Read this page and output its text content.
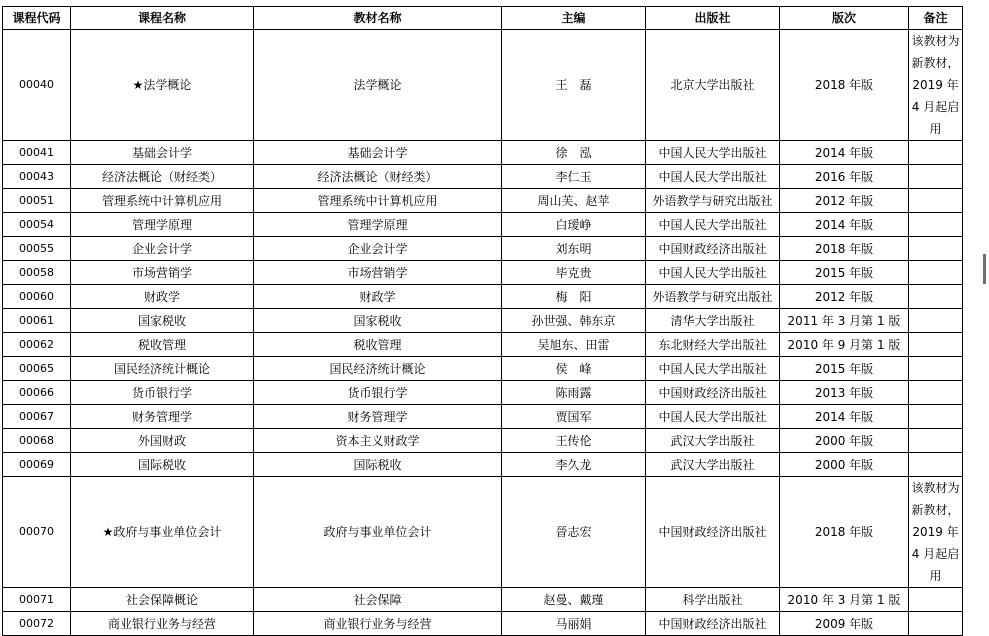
课程代码	课程名称	教材名称	主编	出版社	版次	备注
00040	★法学概论	法学概论	王　磊	北京大学出版社	2018 年版	该教材为新教材，2019 年 4 月起启用
00041	基础会计学	基础会计学	徐　泓	中国人民大学出版社	2014 年版	
00043	经济法概论（财经类）	经济法概论（财经类）	李仁玉	中国人民大学出版社	2016 年版	
00051	管理系统中计算机应用	管理系统中计算机应用	周山芙、赵苹	外语教学与研究出版社	2012 年版	
00054	管理学原理	管理学原理	白瑷峥	中国人民大学出版社	2014 年版	
00055	企业会计学	企业会计学	刘东明	中国财政经济出版社	2018 年版	
00058	市场营销学	市场营销学	毕克贵	中国人民大学出版社	2015 年版	
00060	财政学	财政学	梅　阳	外语教学与研究出版社	2012 年版	
00061	国家税收	国家税收	孙世强、韩东京	清华大学出版社	2011 年 3 月第 1 版	
00062	税收管理	税收管理	吴旭东、田雷	东北财经大学出版社	2010 年 9 月第 1 版	
00065	国民经济统计概论	国民经济统计概论	侯　峰	中国人民大学出版社	2015 年版	
00066	货币银行学	货币银行学	陈雨露	中国财政经济出版社	2013 年版	
00067	财务管理学	财务管理学	贾国军	中国人民大学出版社	2014 年版	
00068	外国财政	资本主义财政学	王传伦	武汉大学出版社	2000 年版	
00069	国际税收	国际税收	李久龙	武汉大学出版社	2000 年版	
00070	★政府与事业单位会计	政府与事业单位会计	晉志宏	中国财政经济出版社	2018 年版	该教材为新教材，2019 年 4 月起启用
00071	社会保障概论	社会保障	赵曼、戴瑾	科学出版社	2010 年 3 月第 1 版	
00072	商业银行业务与经营	商业银行业务与经营	马丽娟	中国财政经济出版社	2009 年版	
